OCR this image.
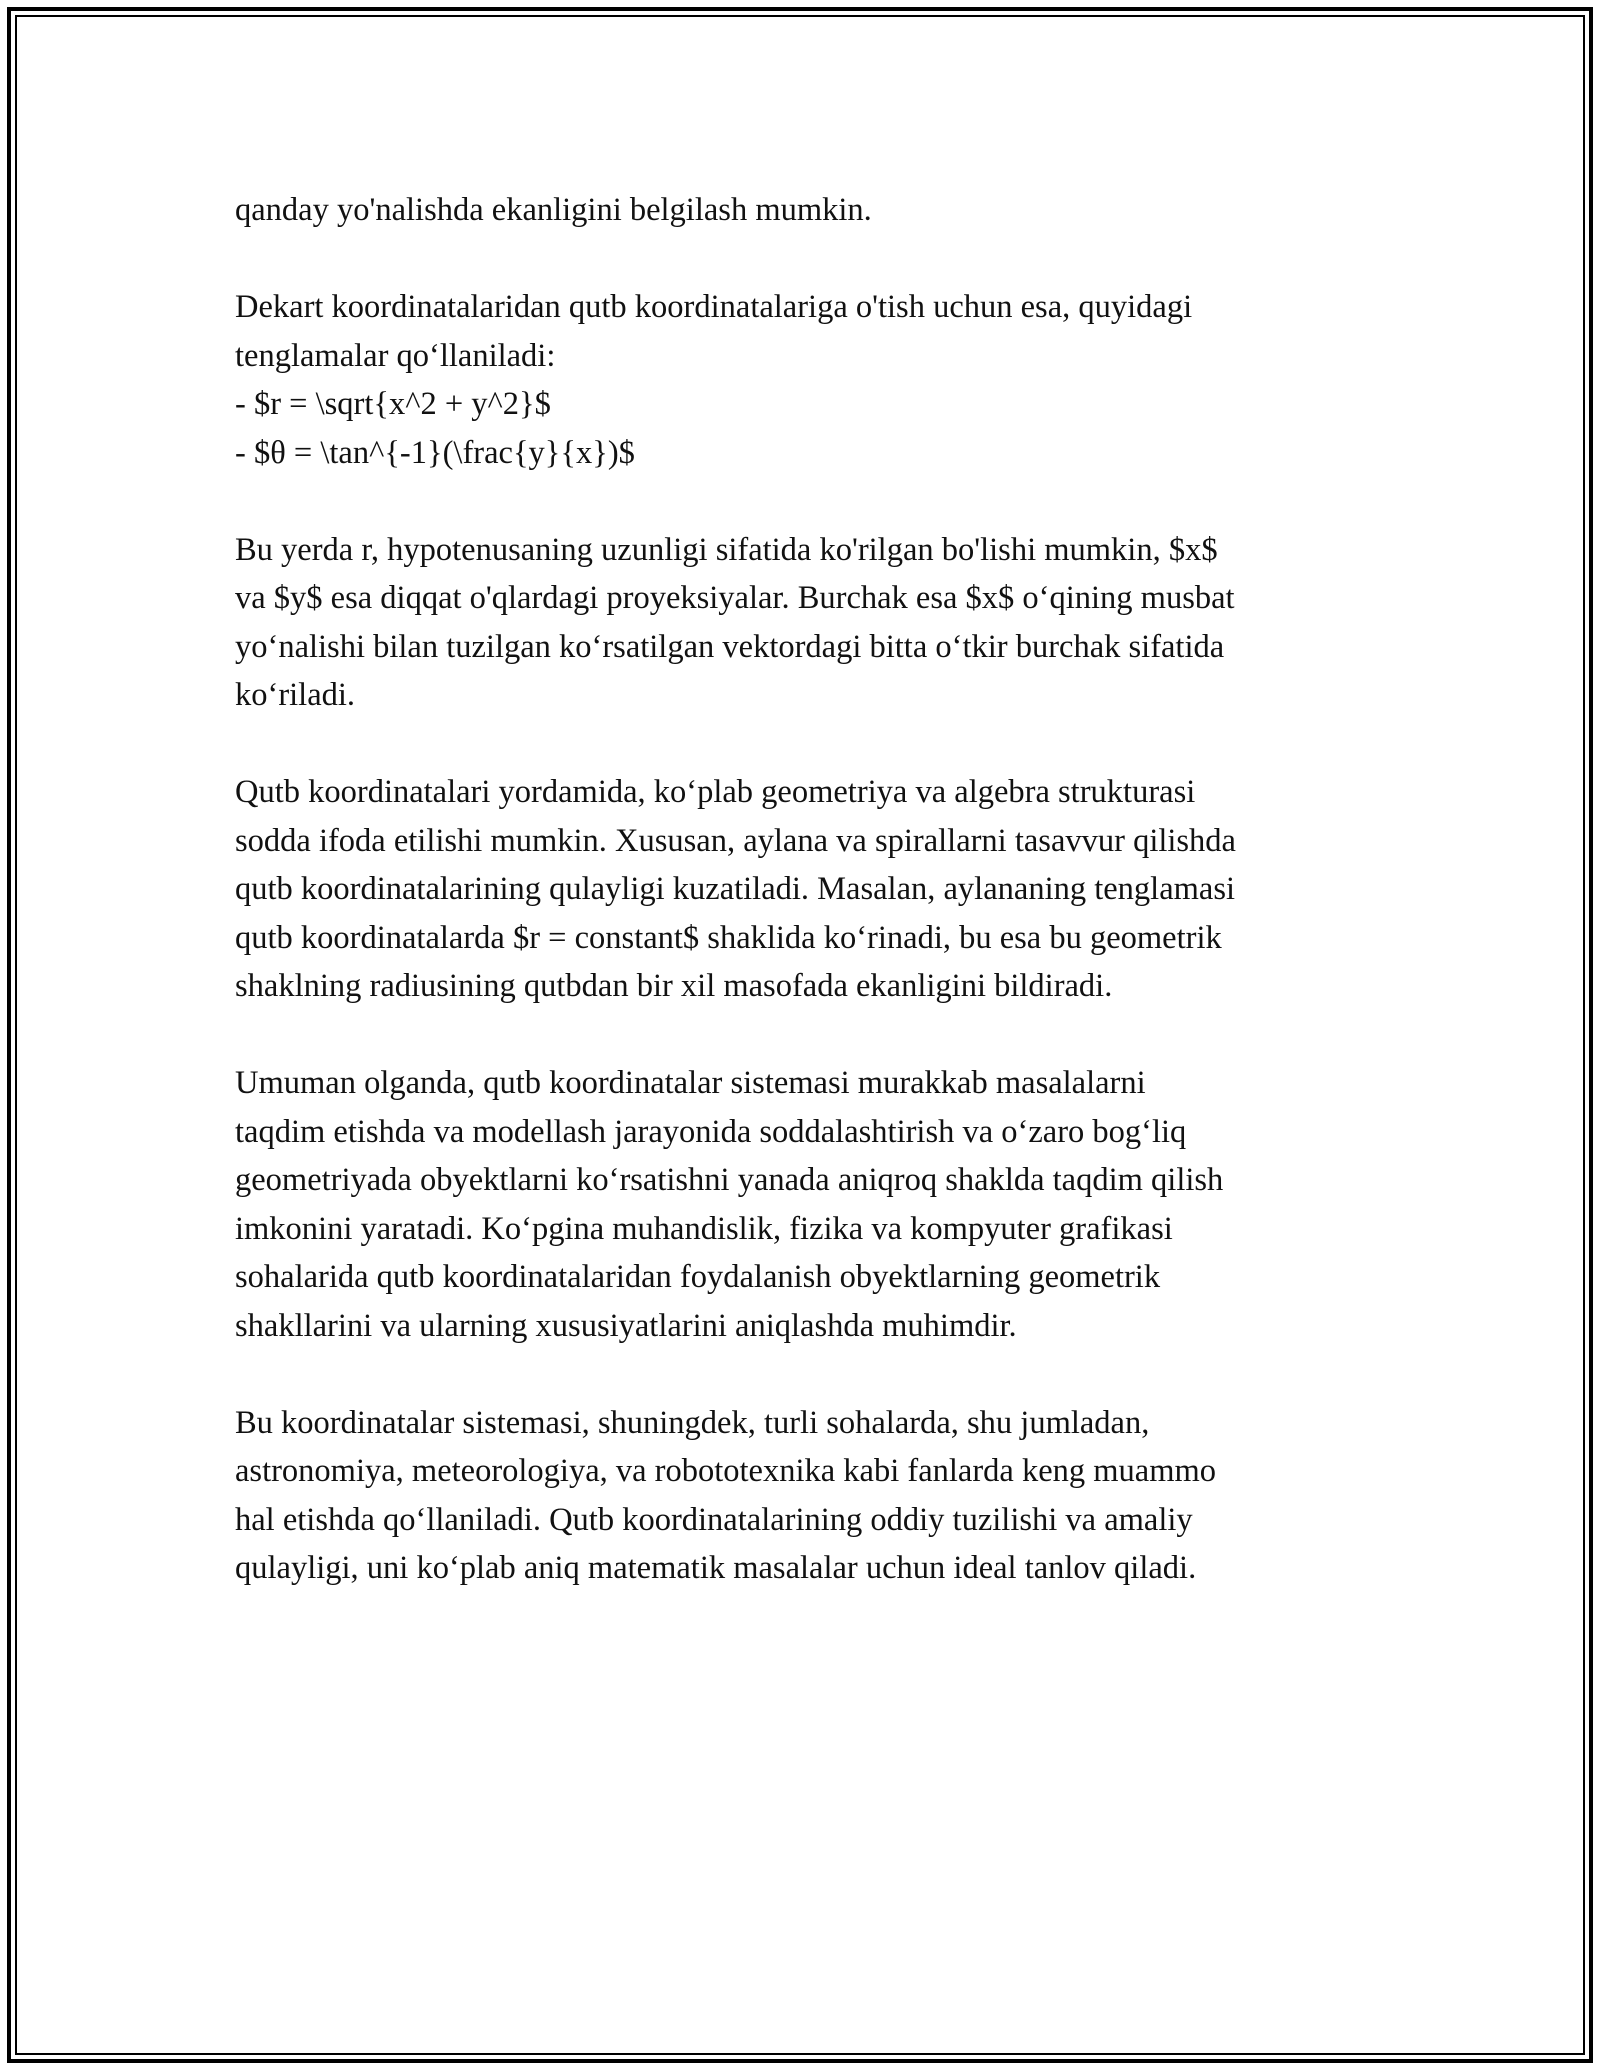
qanday yo'nalishda ekanligini belgilash mumkin.

Dekart koordinatalaridan qutb koordinatalariga o'tish uchun esa, quyidagi
tenglamalar qo‘llaniladi:
- $r = \sqrt{x^2 + y^2}$
- $θ = \tan^{-1}(\frac{y}{x})$

Bu yerda r, hypotenusaning uzunligi sifatida ko'rilgan bo'lishi mumkin, $x$
va $y$ esa diqqat o'qlardagi proyeksiyalar. Burchak esa $x$ o‘qining musbat
yo‘nalishi bilan tuzilgan ko‘rsatilgan vektordagi bitta o‘tkir burchak sifatida
ko‘riladi.

Qutb koordinatalari yordamida, ko‘plab geometriya va algebra strukturasi
sodda ifoda etilishi mumkin. Xususan, aylana va spirallarni tasavvur qilishda
qutb koordinatalarining qulayligi kuzatiladi. Masalan, aylananing tenglamasi
qutb koordinatalarda $r = constant$ shaklida ko‘rinadi, bu esa bu geometrik
shaklning radiusining qutbdan bir xil masofada ekanligini bildiradi.

Umuman olganda, qutb koordinatalar sistemasi murakkab masalalarni
taqdim etishda va modellash jarayonida soddalashtirish va o‘zaro bog‘liq
geometriyada obyektlarni ko‘rsatishni yanada aniqroq shaklda taqdim qilish
imkonini yaratadi. Ko‘pgina muhandislik, fizika va kompyuter grafikasi
sohalarida qutb koordinatalaridan foydalanish obyektlarning geometrik
shakllarini va ularning xususiyatlarini aniqlashda muhimdir.

Bu koordinatalar sistemasi, shuningdek, turli sohalarda, shu jumladan,
astronomiya, meteorologiya, va robototexnika kabi fanlarda keng muammo
hal etishda qo‘llaniladi. Qutb koordinatalarining oddiy tuzilishi va amaliy
qulayligi, uni ko‘plab aniq matematik masalalar uchun ideal tanlov qiladi.
